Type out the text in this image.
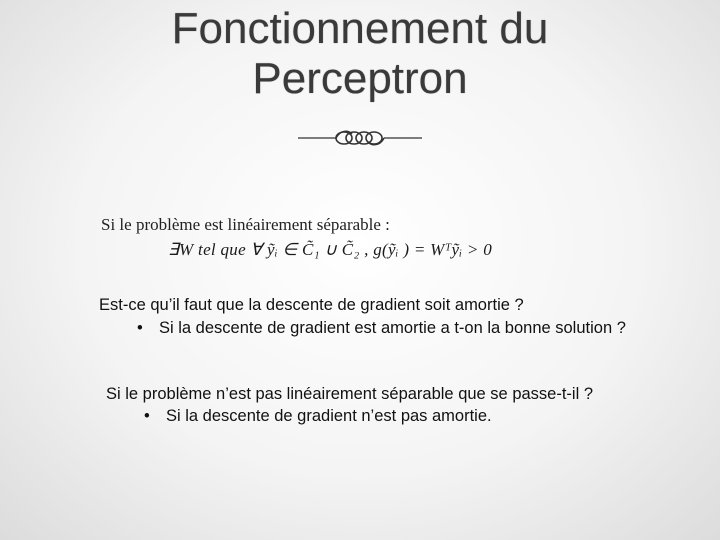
Fonctionnement du
Perceptron
Si le problème est linéairement séparable :
∃W tel que ∀ ỹᵢ ∈ C̃₁ ∪ C̃₂ , g(ỹᵢ ) = Wᵀỹᵢ > 0
Est-ce qu’il faut que la descente de gradient soit amortie ?
• Si la descente de gradient est amortie a t-on la bonne solution ?
Si le problème n’est pas linéairement séparable que se passe-t-il ?
• Si la descente de gradient n’est pas amortie.
